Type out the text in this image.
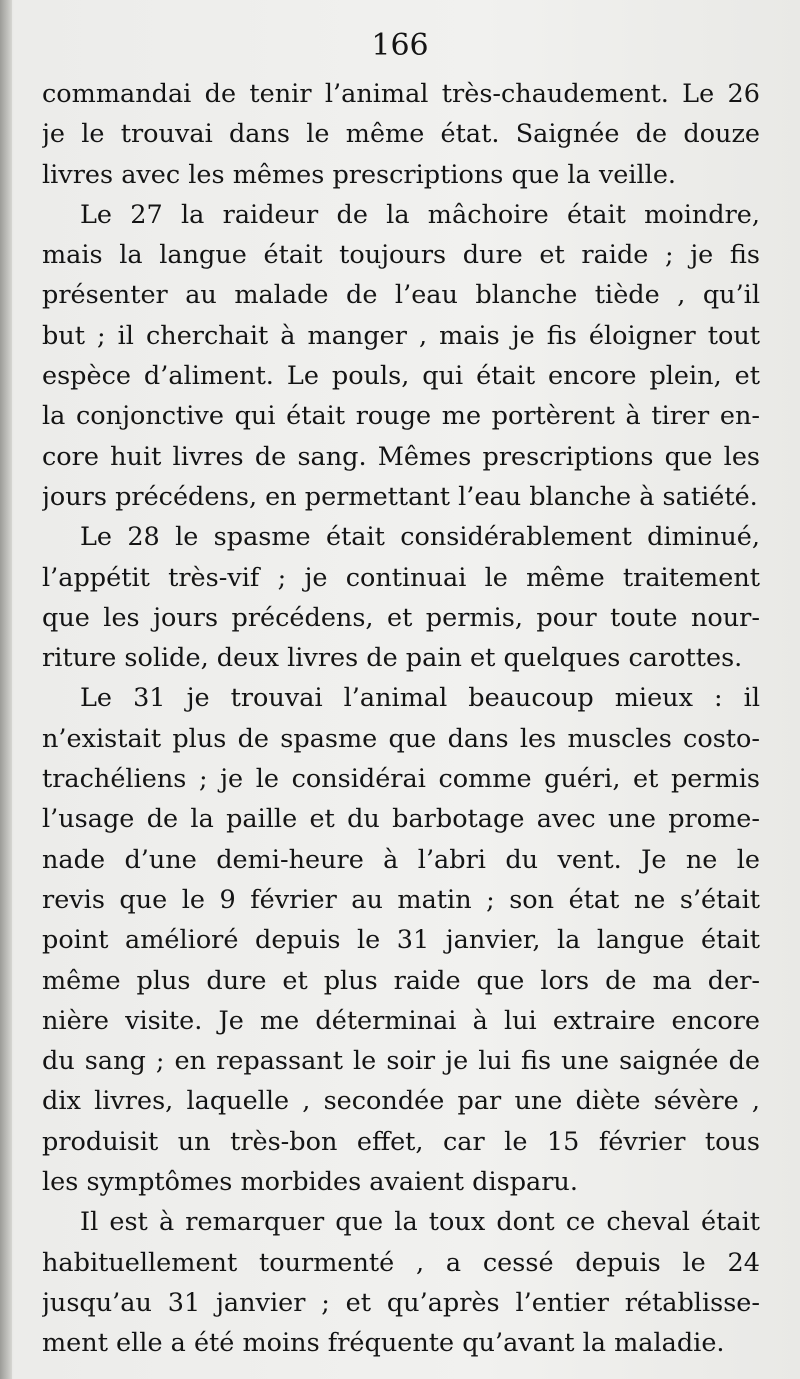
166
commandai de tenir l’animal très-chaudement. Le 26
je le trouvai dans le même état. Saignée de douze
livres avec les mêmes prescriptions que la veille.
Le 27 la raideur de la mâchoire était moindre,
mais la langue était toujours dure et raide ; je fis
présenter au malade de l’eau blanche tiède , qu’il
but ; il cherchait à manger , mais je fis éloigner tout
espèce d’aliment. Le pouls, qui était encore plein, et
la conjonctive qui était rouge me portèrent à tirer en-
core huit livres de sang. Mêmes prescriptions que les
jours précédens, en permettant l’eau blanche à satiété.
Le 28 le spasme était considérablement diminué,
l’appétit très-vif ; je continuai le même traitement
que les jours précédens, et permis, pour toute nour-
riture solide, deux livres de pain et quelques carottes.
Le 31 je trouvai l’animal beaucoup mieux : il
n’existait plus de spasme que dans les muscles costo-
trachéliens ; je le considérai comme guéri, et permis
l’usage de la paille et du barbotage avec une prome-
nade d’une demi-heure à l’abri du vent. Je ne le
revis que le 9 février au matin ; son état ne s’était
point amélioré depuis le 31 janvier, la langue était
même plus dure et plus raide que lors de ma der-
nière visite. Je me déterminai à lui extraire encore
du sang ; en repassant le soir je lui fis une saignée de
dix livres, laquelle , secondée par une diète sévère ,
produisit un très-bon effet, car le 15 février tous
les symptômes morbides avaient disparu.
Il est à remarquer que la toux dont ce cheval était
habituellement tourmenté , a cessé depuis le 24
jusqu’au 31 janvier ; et qu’après l’entier rétablisse-
ment elle a été moins fréquente qu’avant la maladie.
